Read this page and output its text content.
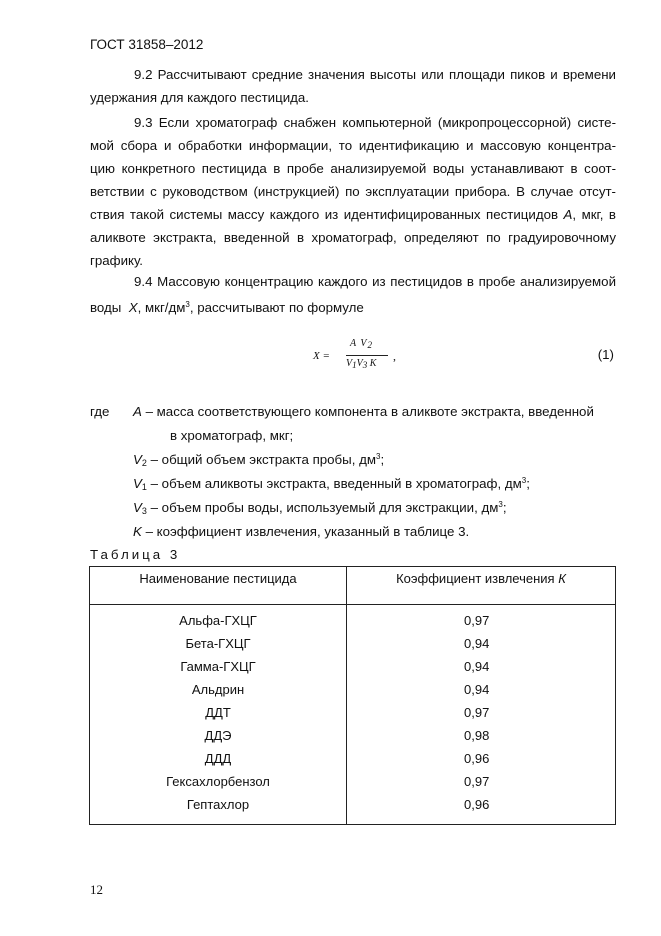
ГОСТ 31858–2012
9.2 Рассчитывают средние значения высоты или площади пиков и времени
удержания для каждого пестицида.
9.3 Если хроматограф снабжен компьютерной (микропроцессорной) систе-
мой сбора и обработки информации, то идентификацию и массовую концентра-
цию конкретного пестицида в пробе анализируемой воды устанавливают в соот-
ветствии с руководством (инструкцией) по эксплуатации прибора. В случае отсут-
ствия такой системы массу каждого из идентифицированных пестицидов А, мкг, в
аликвоте экстракта, введенной в хроматограф, определяют по градуировочному
графику.
9.4 Массовую концентрацию каждого из пестицидов в пробе анализируемой
воды X, мкг/$дм^3$, рассчитывают по формуле
X =
A $V_2$
$V_1V_3$ K
,	(1)
где A – масса соответствующего компонента в аликвоте экстракта, введенной
в хроматограф, мкг;
$V_2$ – общий объем экстракта пробы, $дм^3$;
$V_1$ – объем аликвоты экстракта, введенный в хроматограф, $дм^3$;
$V_3$ – объем пробы воды, используемый для экстракции, $дм^3$;
K – коэффициент извлечения, указанный в таблице 3.
Таблица 3
Наименование пестицида	Коэффициент извлечения К
Альфа-ГХЦГ	0,97
Бета-ГХЦГ	0,94
Гамма-ГХЦГ	0,94
Альдрин	0,94
ДДТ	0,97
ДДЭ	0,98
ДДД	0,96
Гексахлорбензол	0,97
Гептахлор	0,96
12
